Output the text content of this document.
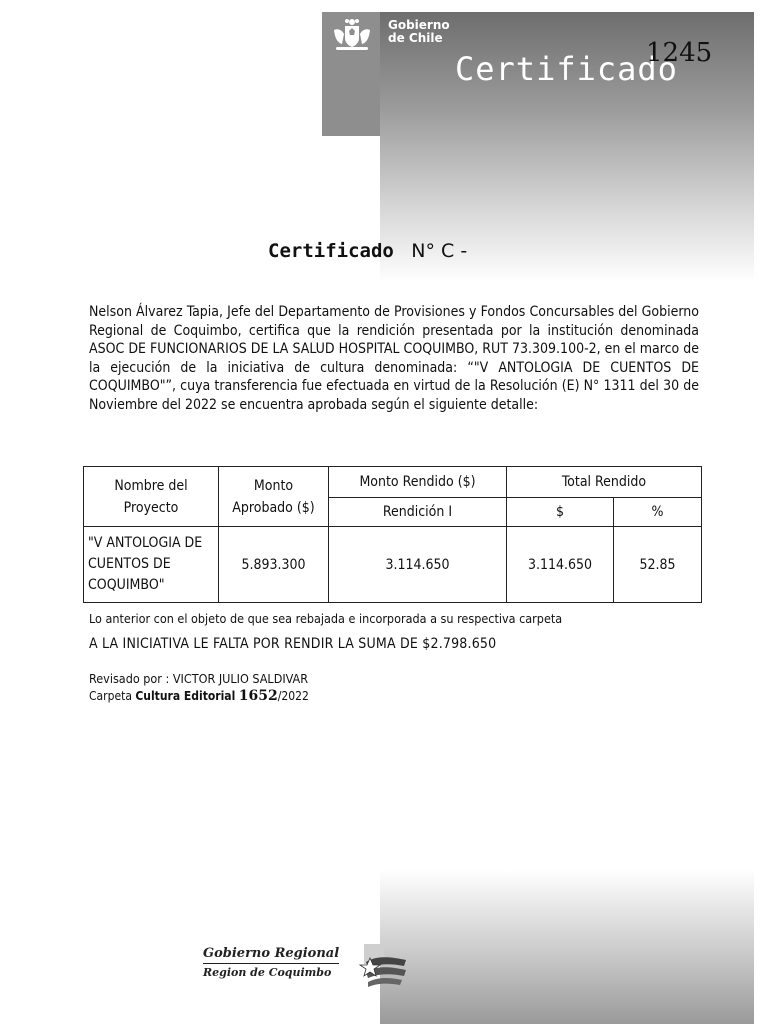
Gobierno
de Chile
Certificado
1245
Certificado N° C -
Nelson Álvarez Tapia, Jefe del Departamento de Provisiones y Fondos Concursables del Gobierno Regional de Coquimbo, certifica que la rendición presentada por la institución denominada ASOC DE FUNCIONARIOS DE LA SALUD HOSPITAL COQUIMBO, RUT 73.309.100-2, en el marco de la ejecución de la iniciativa de cultura denominada: “"V ANTOLOGIA DE CUENTOS DE COQUIMBO"”, cuya transferencia fue efectuada en virtud de la Resolución (E) N° 1311 del 30 de Noviembre del 2022 se encuentra aprobada según el siguiente detalle:
Nombre del Proyecto	Monto Aprobado ($)	Monto Rendido ($)	Total Rendido	
		Rendición I	$	%
"V ANTOLOGIA DE CUENTOS DE COQUIMBO"	5.893.300	3.114.650	3.114.650	52.85
Lo anterior con el objeto de que sea rebajada e incorporada a su respectiva carpeta
A LA INICIATIVA LE FALTA POR RENDIR LA SUMA DE $2.798.650
Revisado por : VICTOR JULIO SALDIVAR
Carpeta Cultura Editorial 1652/2022
Gobierno Regional
Region de Coquimbo
